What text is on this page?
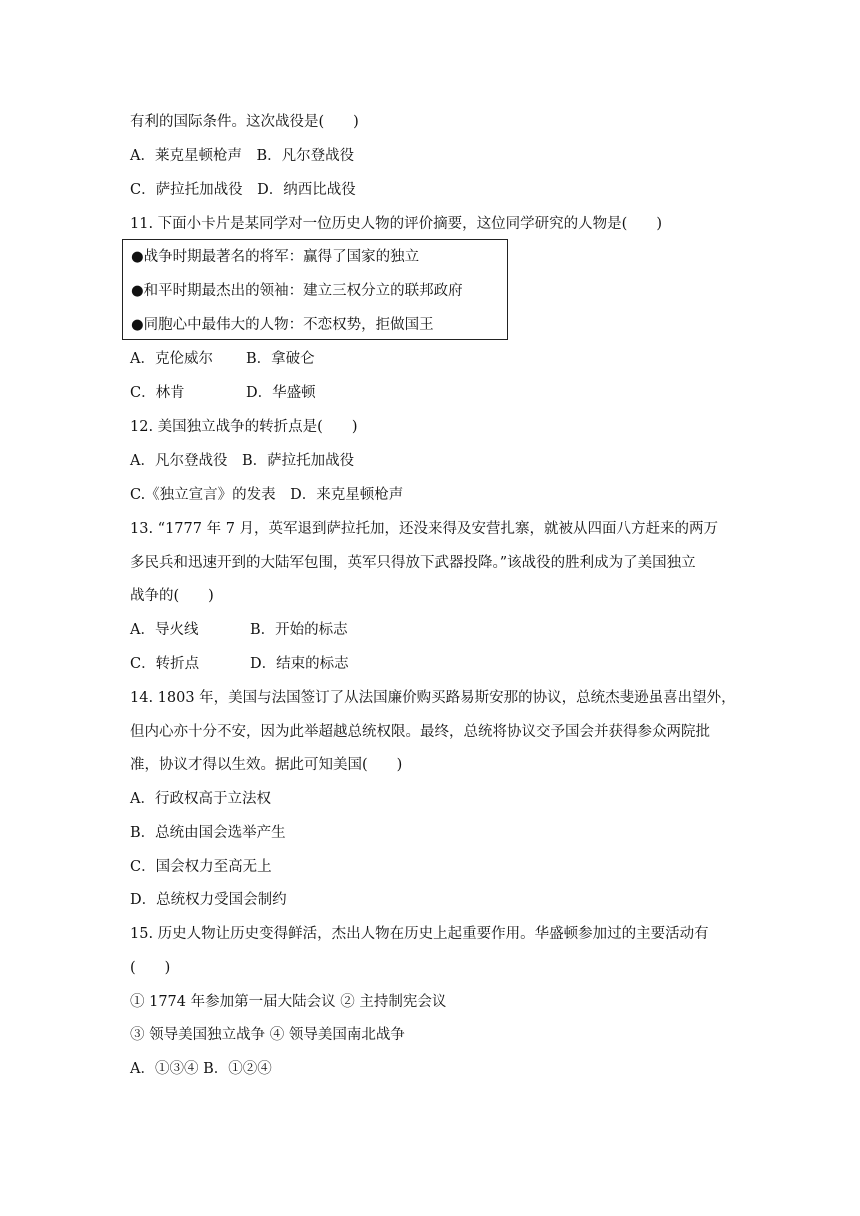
有利的国际条件。这次战役是(　　)
A．莱克星顿枪声　B．凡尔登战役
C．萨拉托加战役　D．纳西比战役
11. 下面小卡片是某同学对一位历史人物的评价摘要，这位同学研究的人物是(　　)
●战争时期最著名的将军：赢得了国家的独立
●和平时期最杰出的领袖：建立三权分立的联邦政府
●同胞心中最伟大的人物：不恋权势，拒做国王
A．克伦威尔 B．拿破仑
C．林肯	D．华盛顿
12. 美国独立战争的转折点是(　　)
A．凡尔登战役　B．萨拉托加战役
C.《独立宣言》的发表　D．来克星顿枪声
13. “1777 年 7 月，英军退到萨拉托加，还没来得及安营扎寨，就被从四面八方赶来的两万
多民兵和迅速开到的大陆军包围，英军只得放下武器投降。”该战役的胜利成为了美国独立
战争的(　　)
A．导火线	B．开始的标志
C．转折点	D．结束的标志
14. 1803 年，美国与法国签订了从法国廉价购买路易斯安那的协议，总统杰斐逊虽喜出望外，
但内心亦十分不安，因为此举超越总统权限。最终，总统将协议交予国会并获得参众两院批
准，协议才得以生效。据此可知美国(　　)
A．行政权高于立法权
B．总统由国会选举产生
C．国会权力至高无上
D．总统权力受国会制约
15. 历史人物让历史变得鲜活，杰出人物在历史上起重要作用。华盛顿参加过的主要活动有
(　　)
① 1774 年参加第一届大陆会议 ② 主持制宪会议
③ 领导美国独立战争 ④ 领导美国南北战争
A．①③④ B．①②④
